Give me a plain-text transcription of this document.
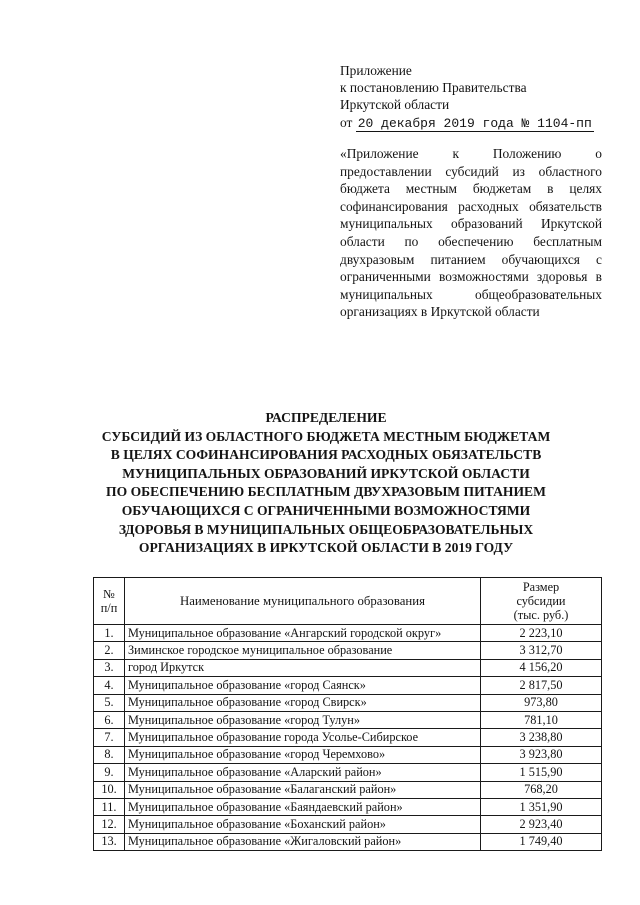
Приложение
к постановлению Правительства
Иркутской области
от 20 декабря 2019 года № 1104-пп
«Приложение к Положению о предоставлении субсидий из областного бюджета местным бюджетам в целях софинансирования расходных обязательств муниципальных образований Иркутской области по обеспечению бесплатным двухразовым питанием обучающихся с ограниченными возможностями здоровья в муниципальных общеобразовательных организациях в Иркутской области
РАСПРЕДЕЛЕНИЕ
СУБСИДИЙ ИЗ ОБЛАСТНОГО БЮДЖЕТА МЕСТНЫМ БЮДЖЕТАМ
В ЦЕЛЯХ СОФИНАНСИРОВАНИЯ РАСХОДНЫХ ОБЯЗАТЕЛЬСТВ
МУНИЦИПАЛЬНЫХ ОБРАЗОВАНИЙ ИРКУТСКОЙ ОБЛАСТИ
ПО ОБЕСПЕЧЕНИЮ БЕСПЛАТНЫМ ДВУХРАЗОВЫМ ПИТАНИЕМ
ОБУЧАЮЩИХСЯ С ОГРАНИЧЕННЫМИ ВОЗМОЖНОСТЯМИ
ЗДОРОВЬЯ В МУНИЦИПАЛЬНЫХ ОБЩЕОБРАЗОВАТЕЛЬНЫХ
ОРГАНИЗАЦИЯХ В ИРКУТСКОЙ ОБЛАСТИ В 2019 ГОДУ
№
п/п	Наименование муниципального образования	Размер
субсидии
(тыс. руб.)

1.	Муниципальное образование «Ангарский городской округ»	2 223,10
2.	Зиминское городское муниципальное образование	3 312,70
3.	город Иркутск	4 156,20
4.	Муниципальное образование «город Саянск»	2 817,50
5.	Муниципальное образование «город Свирск»	973,80
6.	Муниципальное образование «город Тулун»	781,10
7.	Муниципальное образование города Усолье-Сибирское	3 238,80
8.	Муниципальное образование «город Черемхово»	3 923,80
9.	Муниципальное образование «Аларский район»	1 515,90
10.	Муниципальное образование «Балаганский район»	768,20
11.	Муниципальное образование «Баяндаевский район»	1 351,90
12.	Муниципальное образование «Боханский район»	2 923,40
13.	Муниципальное образование «Жигаловский район»	1 749,40
